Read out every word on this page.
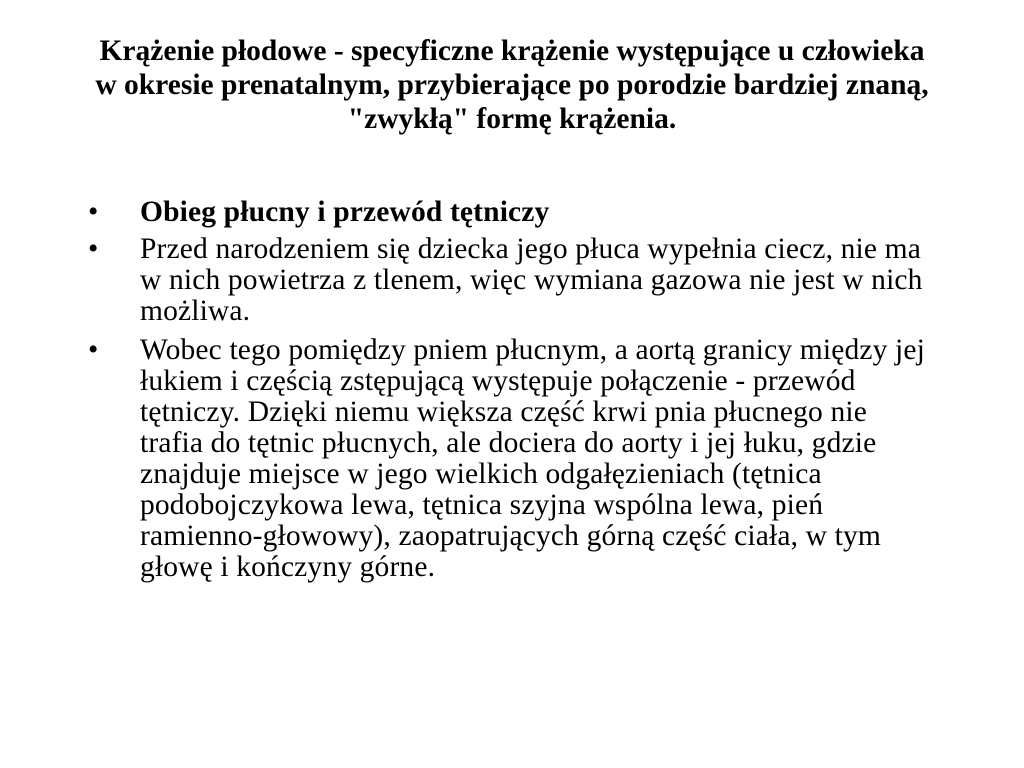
Krążenie płodowe - specyficzne krążenie występujące u człowieka w okresie prenatalnym, przybierające po porodzie bardziej znaną, "zwykłą" formę krążenia.
•	Obieg płucny i przewód tętniczy
•	Przed narodzeniem się dziecka jego płuca wypełnia ciecz, nie ma w nich powietrza z tlenem, więc wymiana gazowa nie jest w nich możliwa.
•	Wobec tego pomiędzy pniem płucnym, a aortą granicy między jej łukiem i częścią zstępującą występuje połączenie - przewód tętniczy. Dzięki niemu większa część krwi pnia płucnego nie trafia do tętnic płucnych, ale dociera do aorty i jej łuku, gdzie znajduje miejsce w jego wielkich odgałęzieniach (tętnica podobojczykowa lewa, tętnica szyjna wspólna lewa, pień ramienno-głowowy), zaopatrujących górną część ciała, w tym głowę i kończyny górne.
